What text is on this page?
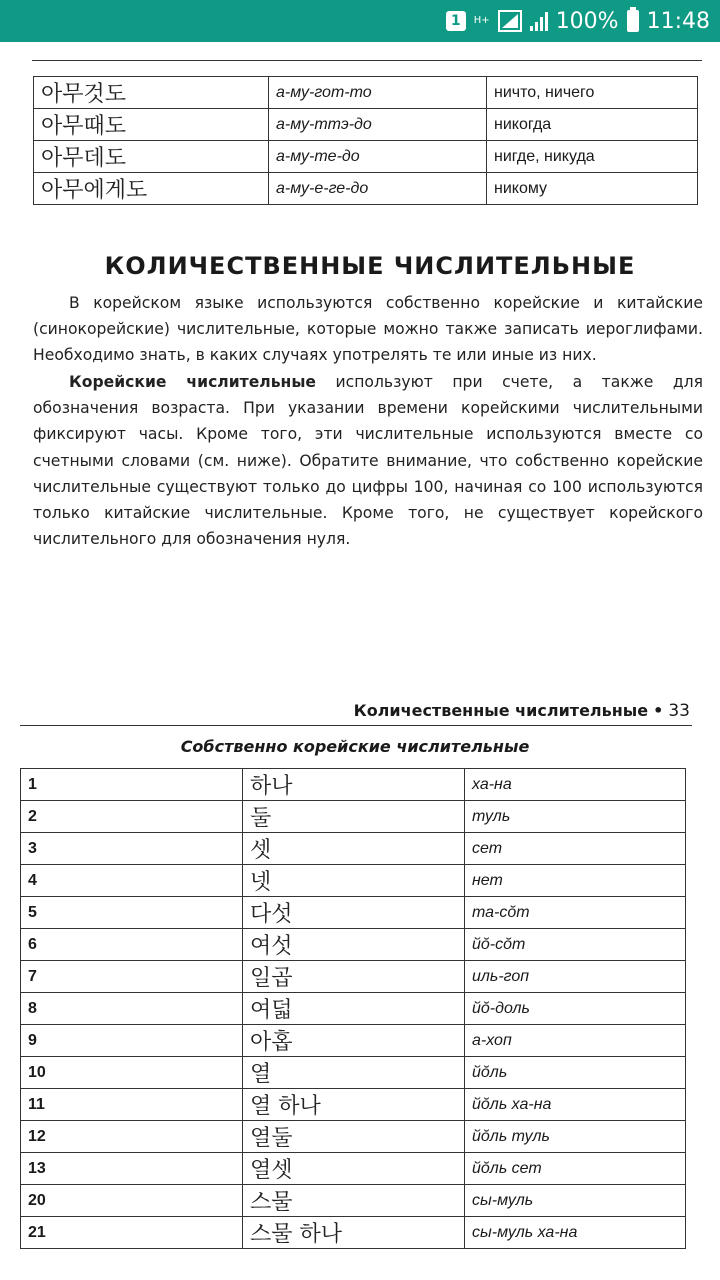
1	H+	100% 11:48
아무것도	а-му-гот-то	ничто, ничего
아무때도	а-му-ттэ-до	никогда
아무데도	а-му-те-до	нигде, никуда
아무에게도	а-му-е-ге-до	никому
КОЛИЧЕСТВЕННЫЕ ЧИСЛИТЕЛЬНЫЕ
В корейском языке используются собственно корейские и китайские (синокорейские) числительные, которые можно также записать иероглифами. Необходимо знать, в каких случаях употрелять те или иные из них.
Корейские числительные используют при счете, а также для обозначения возраста. При указании времени корейскими числительными фиксируют часы. Кроме того, эти числительные используются вместе со счетными словами (см. ниже). Обратите внимание, что собственно корейские числительные существуют только до цифры 100, начиная со 100 используются только китайские числительные. Кроме того, не существует корейского числительного для обозначения нуля.
Количественные числительные • 33
Собственно корейские числительные
1	하나	ха-на
2	둘	туль
3	셋	сет
4	넷	нет
5	다섯	та-сŏт
6	여섯	йŏ-сŏт
7	일곱	иль-гоп
8	여덟	йŏ-доль
9	아홉	а-хоп
10	열	йŏль
11	열 하나	йŏль ха-на
12	열둘	йŏль туль
13	열셋	йŏль сет
20	스물	сы-муль
21	스물 하나	сы-муль ха-на
